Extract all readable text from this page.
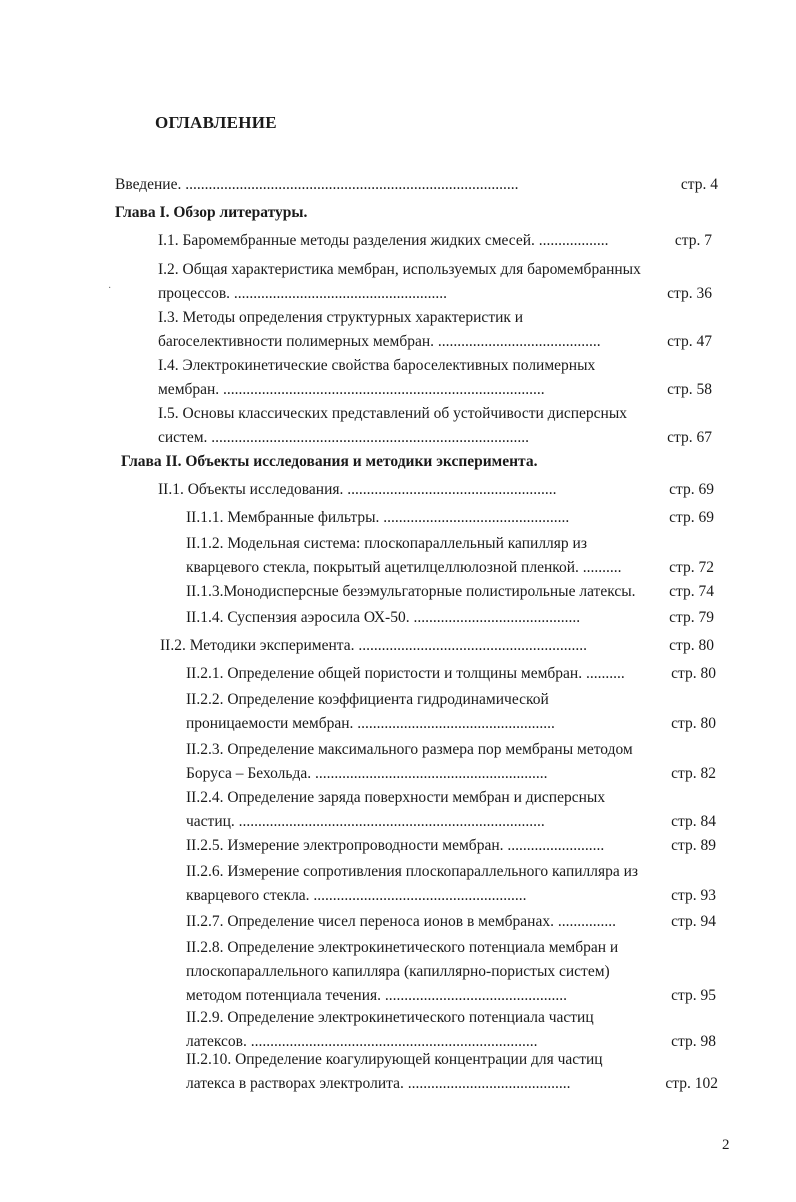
ОГЛАВЛЕНИЕ
Введение. ......................................................................................	стр. 4
Глава I. Обзор литературы.
I.1. Баромембранные методы разделения жидких смесей. ..................	стр. 7
I.2. Общая характеристика мембран, используемых для баромембранных процессов. .......................................................	стр. 36
I.3. Методы определения структурных характеристик и баroселективности полимерных мембран. ..........................................	стр. 47
I.4. Электрокинетические свойства бароселективных полимерных мембран. ...................................................................................	стр. 58
I.5. Основы классических представлений об устойчивости дисперсных систем. ..................................................................................	стр. 67
Глава II. Объекты исследования и методики эксперимента.
II.1. Объекты исследования. ......................................................	стр. 69
II.1.1. Мембранные фильтры. ................................................	стр. 69
II.1.2. Модельная система: плоскопараллельный капилляр из кварцевого стекла, покрытый ацетилцеллюлозной пленкой. ..........	стр. 72
II.1.3.Монодисперсные безэмульгаторные полистирольные латексы.	стр. 74
II.1.4. Суспензия аэросила ОХ-50. ...........................................	стр. 79
II.2. Методики эксперимента. ...........................................................	стр. 80
II.2.1. Определение общей пористости и толщины мембран. ..........	стр. 80
II.2.2. Определение коэффициента гидродинамической проницаемости мембран. ...................................................	стр. 80
II.2.3. Определение максимального размера пор мембраны методом Боруса – Бехольда. ............................................................	стр. 82
II.2.4. Определение заряда поверхности мембран и дисперсных частиц. ...............................................................................	стр. 84
II.2.5. Измерение электропроводности мембран. .........................	стр. 89
II.2.6. Измерение сопротивления плоскопараллельного капилляра из кварцевого стекла. .......................................................	стр. 93
II.2.7. Определение чисел переноса ионов в мембранах. ...............	стр. 94
II.2.8. Определение электрокинетического потенциала мембран и плоскопараллельного капилляра (капиллярно-пористых систем) методом потенциала течения. ...............................................	стр. 95
II.2.9. Определение электрокинетического потенциала частиц латексов. ..........................................................................	стр. 98
II.2.10. Определение коагулирующей концентрации для частиц латекса в растворах электролита. ..........................................	стр. 102
·
2
